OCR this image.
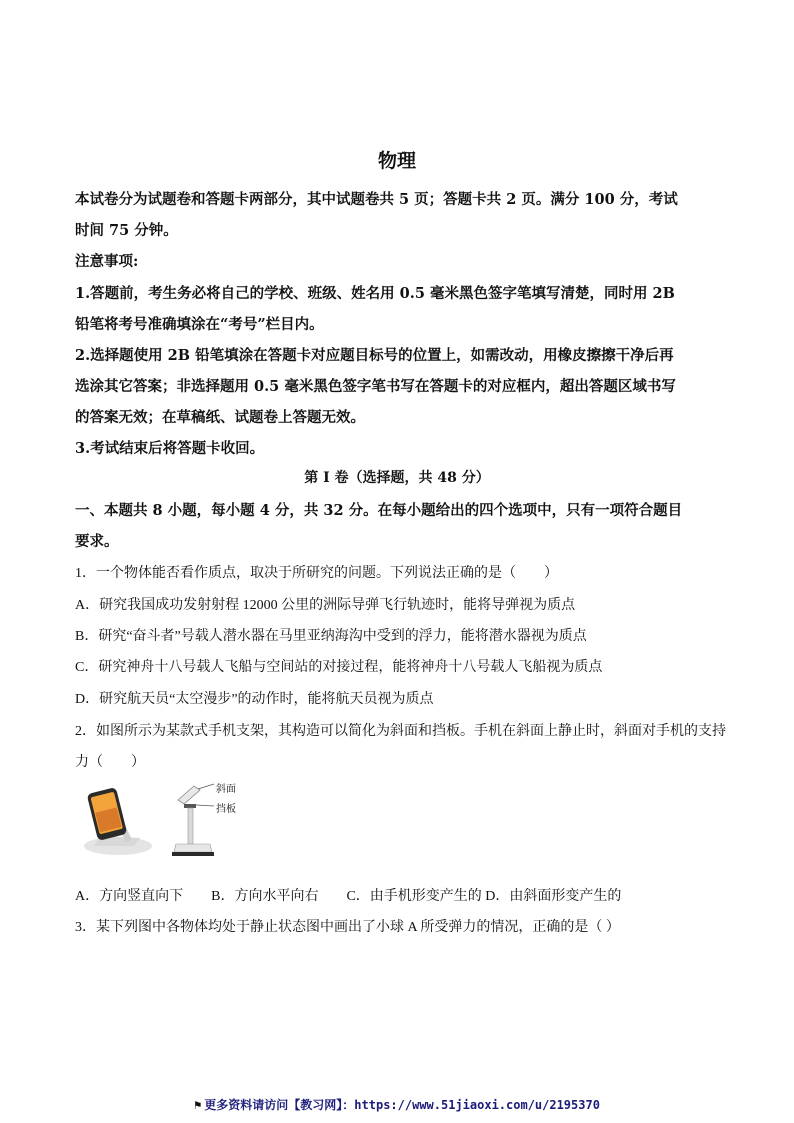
物理
本试卷分为试题卷和答题卡两部分，其中试题卷共 5 页；答题卡共 2 页。满分 100 分，考试
时间 75 分钟。
注意事项:
1.答题前，考生务必将自己的学校、班级、姓名用 0.5 毫米黑色签字笔填写清楚，同时用 2B
铅笔将考号准确填涂在“考号”栏目内。
2.选择题使用 2B 铅笔填涂在答题卡对应题目标号的位置上，如需改动，用橡皮擦擦干净后再
选涂其它答案；非选择题用 0.5 毫米黑色签字笔书写在答题卡的对应框内，超出答题区域书写
的答案无效；在草稿纸、试题卷上答题无效。
3.考试结束后将答题卡收回。
第 I 卷（选择题，共 48 分）
一、本题共 8 小题，每小题 4 分，共 32 分。在每小题给出的四个选项中，只有一项符合题目
要求。
1．一个物体能否看作质点，取决于所研究的问题。下列说法正确的是（　　）
A．研究我国成功发射射程 12000 公里的洲际导弹飞行轨迹时，能将导弹视为质点
B．研究“奋斗者”号载人潜水器在马里亚纳海沟中受到的浮力，能将潜水器视为质点
C．研究神舟十八号载人飞船与空间站的对接过程，能将神舟十八号载人飞船视为质点
D．研究航天员“太空漫步”的动作时，能将航天员视为质点
2．如图所示为某款式手机支架，其构造可以简化为斜面和挡板。手机在斜面上静止时，斜面对手机的支持
力（　　）
斜面
挡板
A．方向竖直向下　　B．方向水平向右　　C．由手机形变产生的 D．由斜面形变产生的
3．某下列图中各物体均处于静止状态图中画出了小球 A 所受弹力的情况，正确的是（ ）
⚑ 更多资料请访问【教习网】：https://www.51jiaoxi.com/u/2195370
